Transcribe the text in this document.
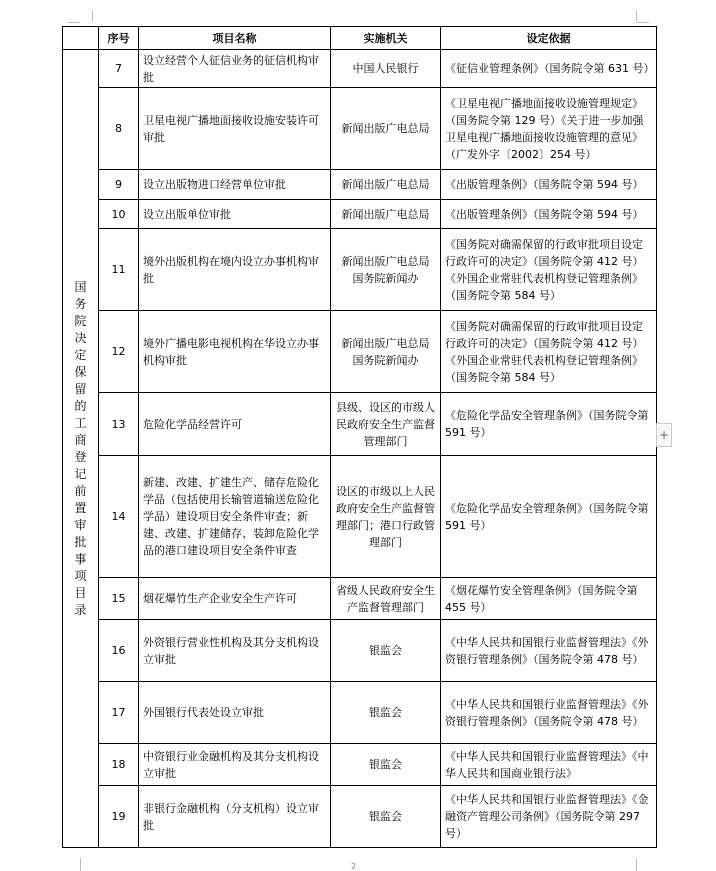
	序号	项目名称	实施机关	设定依据

国务院决定保留的工商登记前置审批事项目录	7	设立经营个人征信业务的征信机构审批	中国人民银行	《征信业管理条例》（国务院令第 631 号）
	8	卫星电视广播地面接收设施安装许可审批	新闻出版广电总局	《卫星电视广播地面接收设施管理规定》（国务院令第 129 号）《关于进一步加强卫星电视广播地面接收设施管理的意见》（广发外字〔2002〕254 号）
	9	设立出版物进口经营单位审批	新闻出版广电总局	《出版管理条例》（国务院令第 594 号）
	10	设立出版单位审批	新闻出版广电总局	《出版管理条例》（国务院令第 594 号）
	11	境外出版机构在境内设立办事机构审批	新闻出版广电总局 国务院新闻办	《国务院对确需保留的行政审批项目设定行政许可的决定》（国务院令第 412 号）《外国企业常驻代表机构登记管理条例》（国务院令第 584 号）
	12	境外广播电影电视机构在华设立办事机构审批	新闻出版广电总局 国务院新闻办	《国务院对确需保留的行政审批项目设定行政许可的决定》（国务院令第 412 号）《外国企业常驻代表机构登记管理条例》（国务院令第 584 号）
	13	危险化学品经营许可	县级、设区的市级人民政府安全生产监督管理部门	《危险化学品安全管理条例》（国务院令第 591 号）
	14	新建、改建、扩建生产、储存危险化学品（包括使用长输管道输送危险化学品）建设项目安全条件审查；新建、改建、扩建储存、装卸危险化学品的港口建设项目安全条件审查	设区的市级以上人民政府安全生产监督管理部门；港口行政管理部门	《危险化学品安全管理条例》（国务院令第 591 号）
	15	烟花爆竹生产企业安全生产许可	省级人民政府安全生产监督管理部门	《烟花爆竹安全管理条例》（国务院令第 455 号）
	16	外资银行营业性机构及其分支机构设立审批	银监会	《中华人民共和国银行业监督管理法》《外资银行管理条例》（国务院令第 478 号）
	17	外国银行代表处设立审批	银监会	《中华人民共和国银行业监督管理法》《外资银行管理条例》（国务院令第 478 号）
	18	中资银行业金融机构及其分支机构设立审批	银监会	《中华人民共和国银行业监督管理法》《中华人民共和国商业银行法》
	19	非银行金融机构（分支机构）设立审批	银监会	《中华人民共和国银行业监督管理法》《金融资产管理公司条例》（国务院令第 297 号）
+
2
